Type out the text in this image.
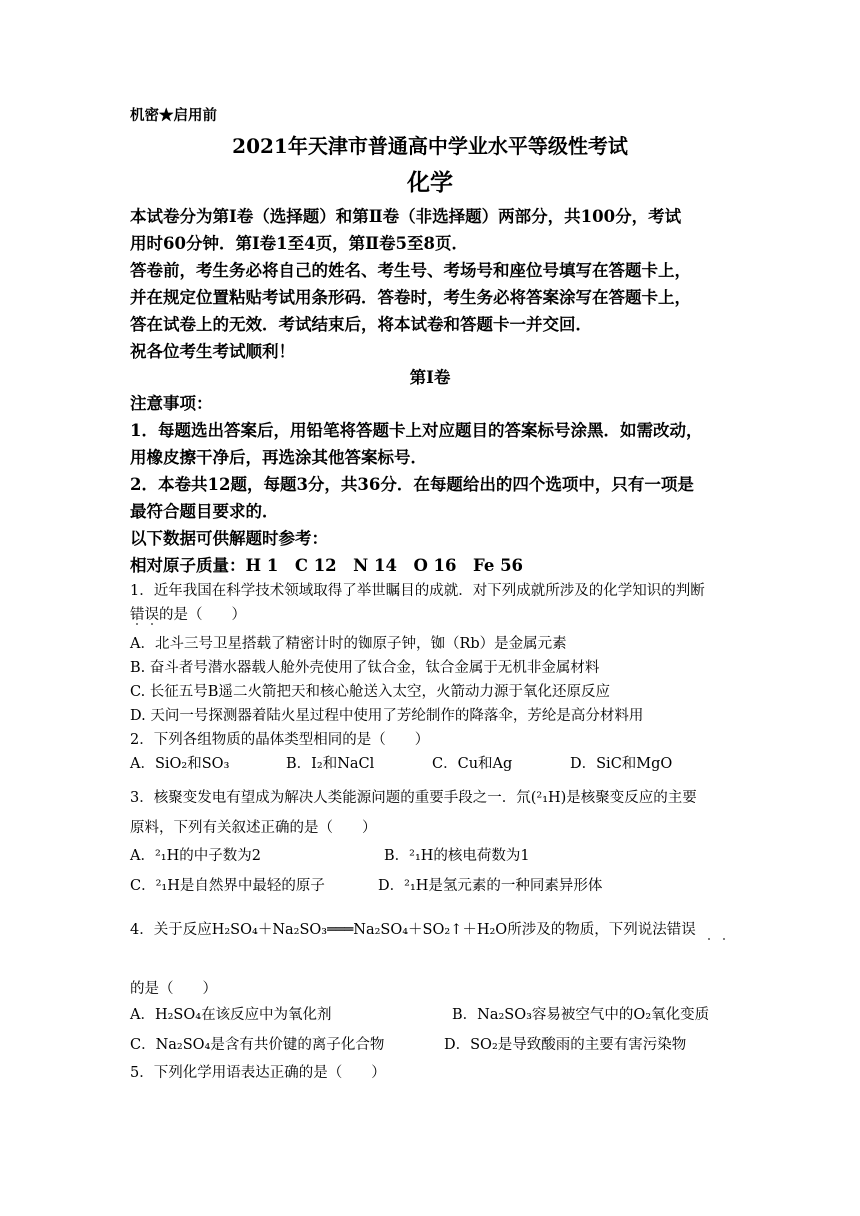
机密★启用前
2021年天津市普通高中学业水平等级性考试
化学
本试卷分为第Ⅰ卷（选择题）和第Ⅱ卷（非选择题）两部分，共100分，考试
用时60分钟．第Ⅰ卷1至4页，第Ⅱ卷5至8页．
答卷前，考生务必将自己的姓名、考生号、考场号和座位号填写在答题卡上，
并在规定位置粘贴考试用条形码．答卷时，考生务必将答案涂写在答题卡上，
答在试卷上的无效．考试结束后，将本试卷和答题卡一并交回．
祝各位考生考试顺利！
第Ⅰ卷
注意事项：
1．每题选出答案后，用铅笔将答题卡上对应题目的答案标号涂黑．如需改动，
用橡皮擦干净后，再选涂其他答案标号．
2．本卷共12题，每题3分，共36分．在每题给出的四个选项中，只有一项是
最符合题目要求的．
以下数据可供解题时参考：
相对原子质量：H 1　C 12　N 14　O 16　Fe 56
1．近年我国在科学技术领域取得了举世瞩目的成就．对下列成就所涉及的化学知识的判断
错误的是（　　）
A．北斗三号卫星搭载了精密计时的铷原子钟，铷（Rb）是金属元素
B. 奋斗者号潜水器载人舱外壳使用了钛合金，钛合金属于无机非金属材料
C. 长征五号B遥二火箭把天和核心舱送入太空，火箭动力源于氧化还原反应
D. 天问一号探测器着陆火星过程中使用了芳纶制作的降落伞，芳纶是高分材料用
2．下列各组物质的晶体类型相同的是（　　）
A．SiO₂和SO₃	B．I₂和NaCl	C．Cu和Ag	D．SiC和MgO
3．核聚变发电有望成为解决人类能源问题的重要手段之一．氘(²₁H)是核聚变反应的主要
原料，下列有关叙述正确的是（　　）
A．²₁H的中子数为2	B．²₁H的核电荷数为1
C．²₁H是自然界中最轻的原子	D．²₁H是氢元素的一种同素异形体
4．关于反应H₂SO₄＋Na₂SO₃═══Na₂SO₄＋SO₂↑＋H₂O所涉及的物质，下列说法错误
的是（　　）
A．H₂SO₄在该反应中为氧化剂	B．Na₂SO₃容易被空气中的O₂氧化变质
C．Na₂SO₄是含有共价键的离子化合物	D．SO₂是导致酸雨的主要有害污染物
5．下列化学用语表达正确的是（　　）
